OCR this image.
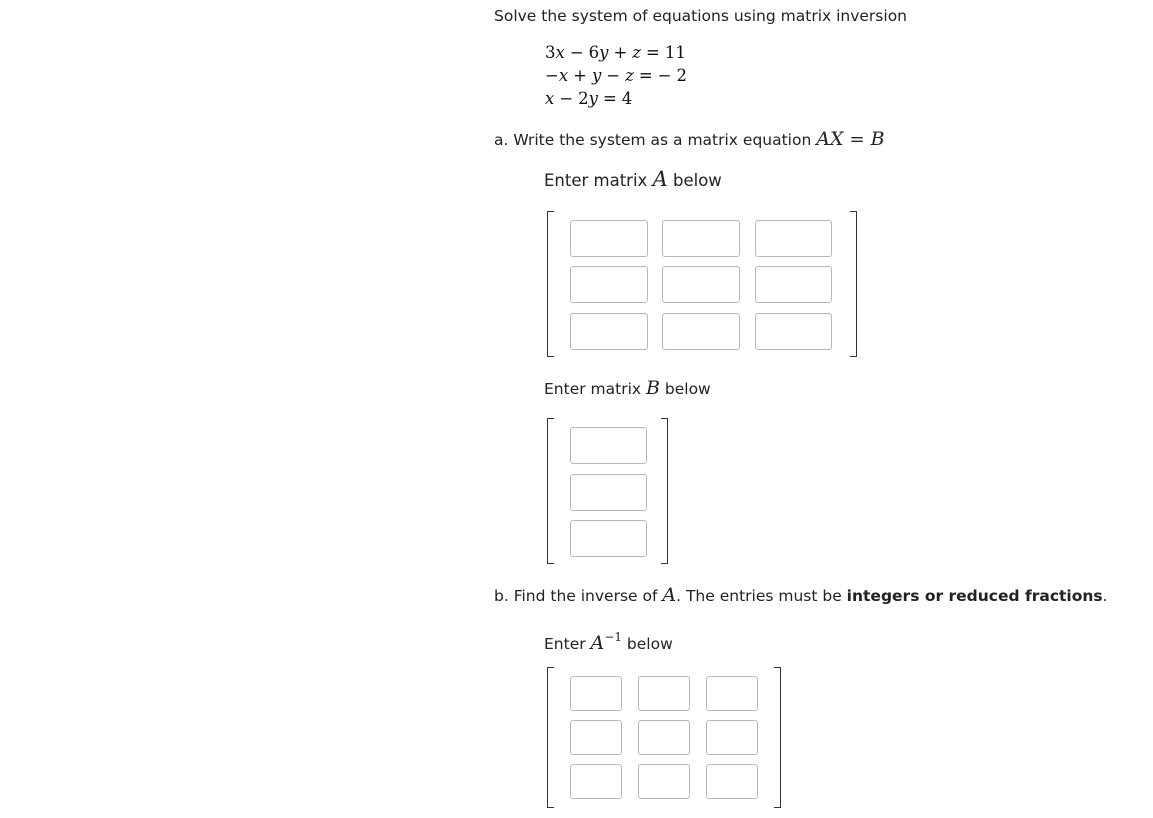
Solve the system of equations using matrix inversion
3x − 6y + z = 11
−x + y − z = − 2
x − 2y = 4
a. Write the system as a matrix equation AX = B
Enter matrix A below
Enter matrix B below
b. Find the inverse of A. The entries must be integers or reduced fractions.
Enter $A^{-1}$ below
